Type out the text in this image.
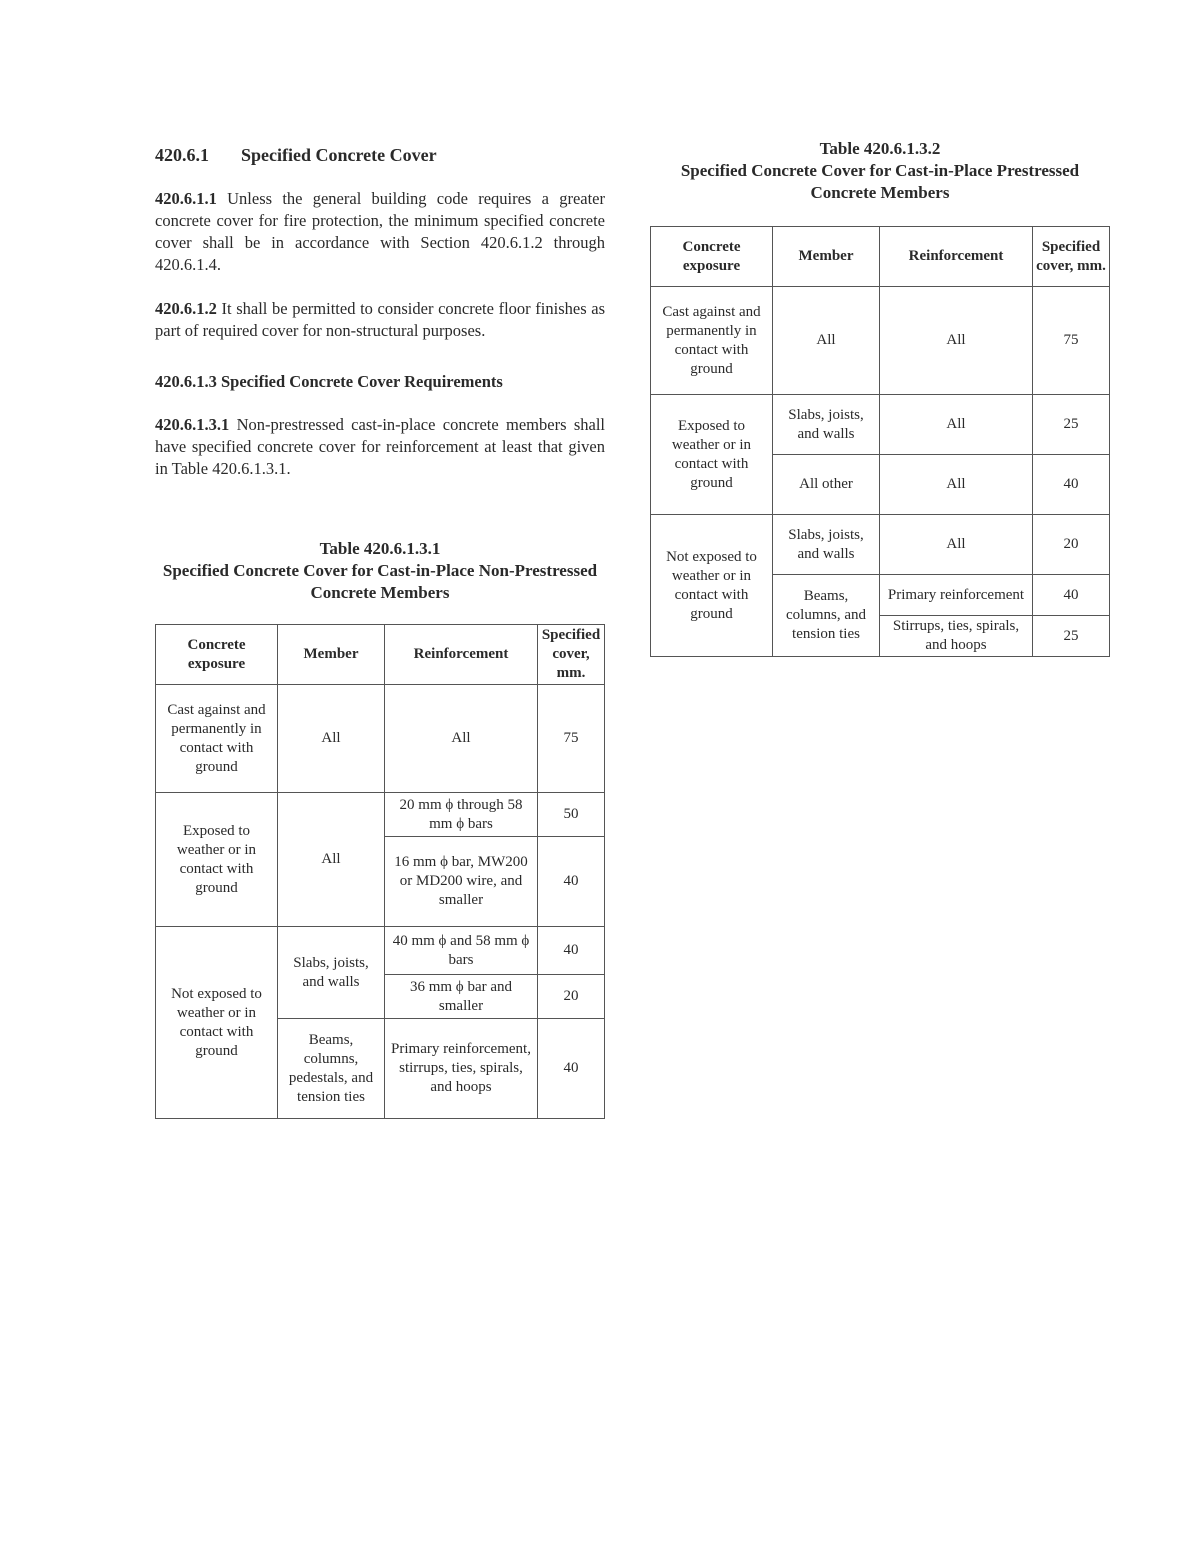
420.6.1 Specified Concrete Cover

420.6.1.1 Unless the general building code requires a greater concrete cover for fire protection, the minimum specified concrete cover shall be in accordance with Section 420.6.1.2 through 420.6.1.4.

420.6.1.2 It shall be permitted to consider concrete floor finishes as part of required cover for non-structural purposes.

420.6.1.3 Specified Concrete Cover Requirements

420.6.1.3.1 Non-prestressed cast-in-place concrete members shall have specified concrete cover for reinforcement at least that given in Table 420.6.1.3.1.

Table 420.6.1.3.1
Specified Concrete Cover for Cast-in-Place Non-Prestressed Concrete Members
Concrete exposure	Member	Reinforcement	Specified cover, mm.
Cast against and permanently in contact with ground	All	All	75
Exposed to weather or in contact with ground	All	20 mm ϕ through 58 mm ϕ bars	50
		16 mm ϕ bar, MW200 or MD200 wire, and smaller	40
Not exposed to weather or in contact with ground	Slabs, joists, and walls	40 mm ϕ and 58 mm ϕ bars	40
		36 mm ϕ bar and smaller	20
	Beams, columns, pedestals, and tension ties	Primary reinforcement, stirrups, ties, spirals, and hoops	40
Table 420.6.1.3.2
Specified Concrete Cover for Cast-in-Place Prestressed Concrete Members
Concrete exposure	Member	Reinforcement	Specified cover, mm.
Cast against and permanently in contact with ground	All	All	75
Exposed to weather or in contact with ground	Slabs, joists, and walls	All	25
	All other	All	40
Not exposed to weather or in contact with ground	Slabs, joists, and walls	All	20
	Beams, columns, and tension ties	Primary reinforcement	40
		Stirrups, ties, spirals, and hoops	25
